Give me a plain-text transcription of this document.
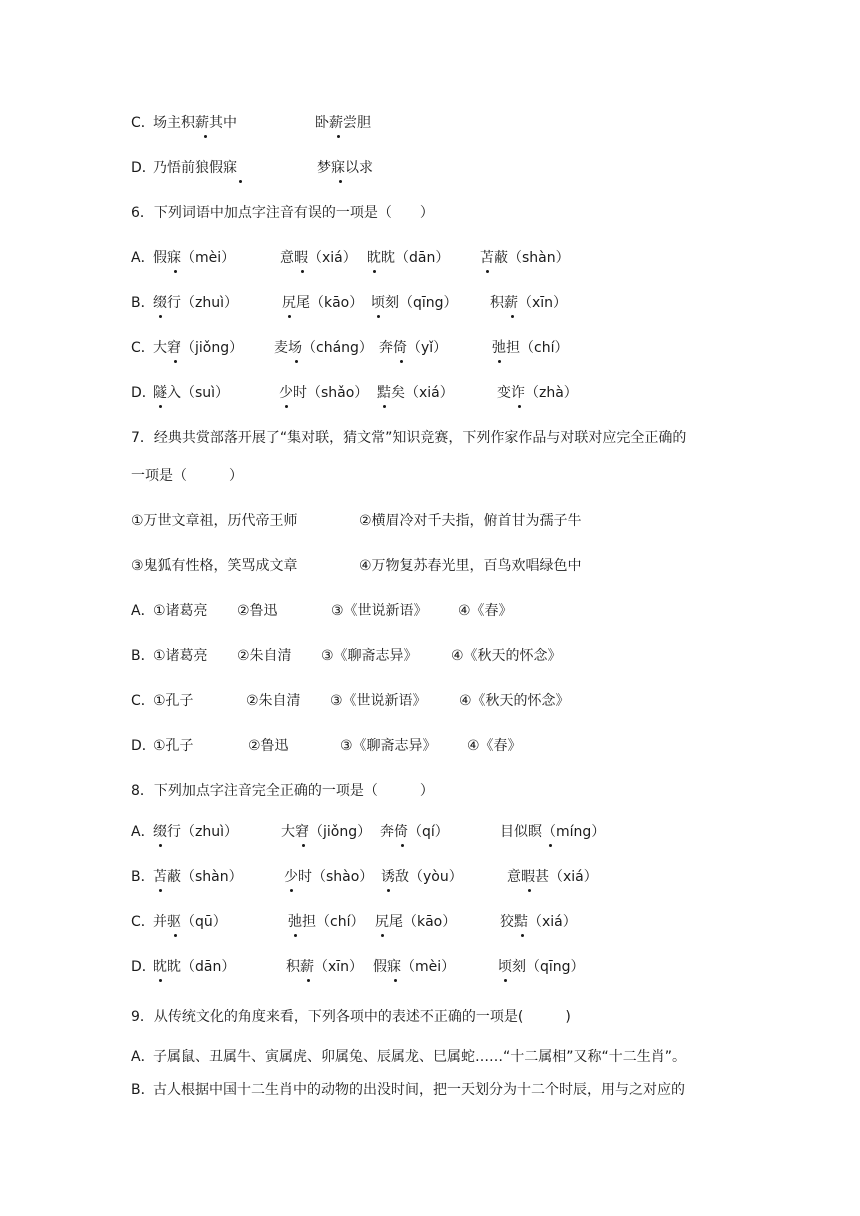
C．
场主积薪其中	卧薪尝胆
D．
乃悟前狼假寐	梦寐以求
6．下列词语中加点字注音有误的一项是（　　）
A．
假寐（mèi）	意暇（xiá） 眈眈（dān） 苫蔽（shàn）
B．
缀行（zhuì）	尻尾（kāo） 顷刻（qīng） 积薪（xīn）
C．
大窘（jiǒng） 麦场（cháng） 奔倚（yǐ）	弛担（chí）
D．
隧入（suì）	少时（shǎo） 黠矣（xiá）	变诈（zhà）
7．经典共赏部落开展了“集对联，猜文常”知识竞赛，下列作家作品与对联对应完全正确的
一项是（　　　）
①万世文章祖，历代帝王师	②横眉冷对千夫指，俯首甘为孺子牛
③鬼狐有性格，笑骂成文章	④万物复苏春光里，百鸟欢唱绿色中
A．
①诸葛亮 ②鲁迅	③《世说新语》 ④《春》
B．
①诸葛亮 ②朱自清 ③《聊斋志异》 ④《秋天的怀念》
C．
①孔子	②朱自清 ③《世说新语》 ④《秋天的怀念》
D．
①孔子	②鲁迅	③《聊斋志异》 ④《春》
8．下列加点字注音完全正确的一项是（　　　）
A．
缀行（zhuì）	大窘（jiǒng） 奔倚（qí）	目似瞑（míng）
B．
苫蔽（shàn）	少时（shào） 诱敌（yòu）	意暇甚（xiá）
C．
并驱（qū）	弛担（chí） 尻尾（kāo）	狡黠（xiá）
D．
眈眈（dān）	积薪（xīn） 假寐（mèi）	顷刻（qīng）
9．从传统文化的角度来看，下列各项中的表述不正确的一项是(　　　)
A．
子属鼠、丑属牛、寅属虎、卯属兔、辰属龙、巳属蛇……“十二属相”又称“十二生肖”。
B．
古人根据中国十二生肖中的动物的出没时间，把一天划分为十二个时辰，用与之对应的
